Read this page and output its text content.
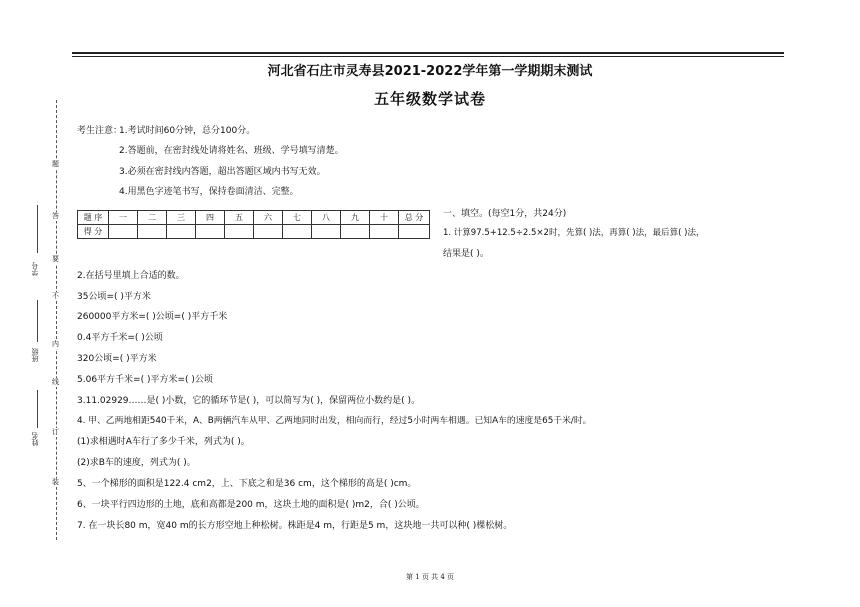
河北省石庄市灵寿县2021-2022学年第一学期期末测试
五年级数学试卷
题
答
要
不
内
线
订
装
学号
班级
姓名
考生注意：
1.考试时间60分钟，总分100分。
2.答题前，在密封线处请将姓名、班级、学号填写清楚。
3.必须在密封线内答题，超出答题区域内书写无效。
4.用黑色字迹笔书写，保持卷面清洁、完整。
题 序	一	二	三	四	五	六	七	八	九	十	总 分
得 分											
一、填空。(每空1分，共24分)
1. 计算97.5+12.5÷2.5×2时，先算( )法，再算( )法，最后算( )法，
结果是( )。
2.在括号里填上合适的数。
35公顷=( )平方米
260000平方米=( )公顷=( )平方千米
0.4平方千米=( )公顷
320公顷=( )平方米
5.06平方千米=( )平方米=( )公顷
3.11.02929……是( )小数，它的循环节是( )，可以简写为( )，保留两位小数约是( )。
4. 甲、乙两地相距540千米，A、B两辆汽车从甲、乙两地同时出发，相向而行，经过5小时两车相遇。已知A车的速度是65千米/时。
(1)求相遇时A车行了多少千米，列式为( )。
(2)求B车的速度，列式为( )。
5、一个梯形的面积是122.4 cm2，上、下底之和是36 cm，这个梯形的高是( )cm。
6、一块平行四边形的土地，底和高都是200 m，这块土地的面积是( )m2，合( )公顷。
7. 在一块长80 m，宽40 m的长方形空地上种松树。株距是4 m，行距是5 m，这块地一共可以种( )棵松树。
第 1 页 共 4 页
